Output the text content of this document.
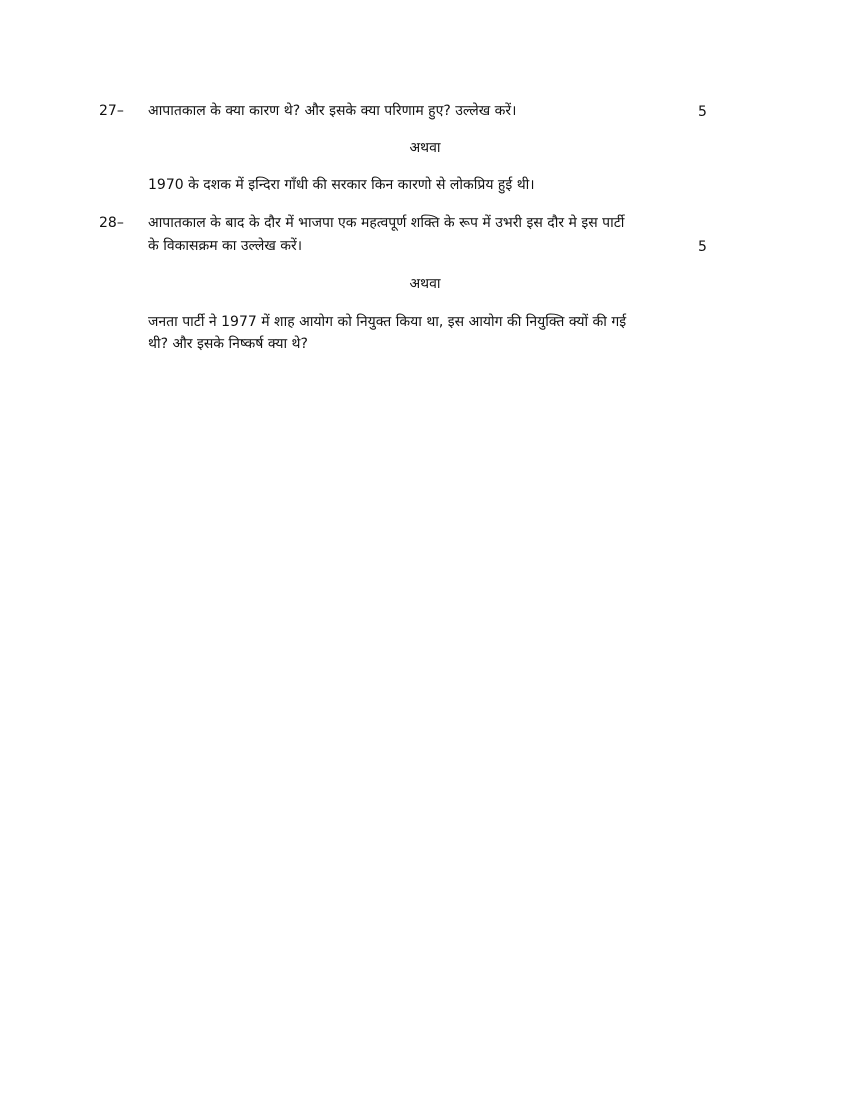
27– आपातकाल के क्या कारण थे? और इसके क्या परिणाम हुए? उल्लेख करें।	5
अथवा
1970 के दशक में इन्दिरा गाँधी की सरकार किन कारणो से लोकप्रिय हुई थी।
28– आपातकाल के बाद के दौर में भाजपा एक महत्वपूर्ण शक्ति के रूप में उभरी इस दौर मे इस पार्टी
के विकासक्रम का उल्लेख करें।	5
अथवा
जनता पार्टी ने 1977 में शाह आयोग को नियुक्त किया था, इस आयोग की नियुक्ति क्यों की गई
थी? और इसके निष्कर्ष क्या थे?
